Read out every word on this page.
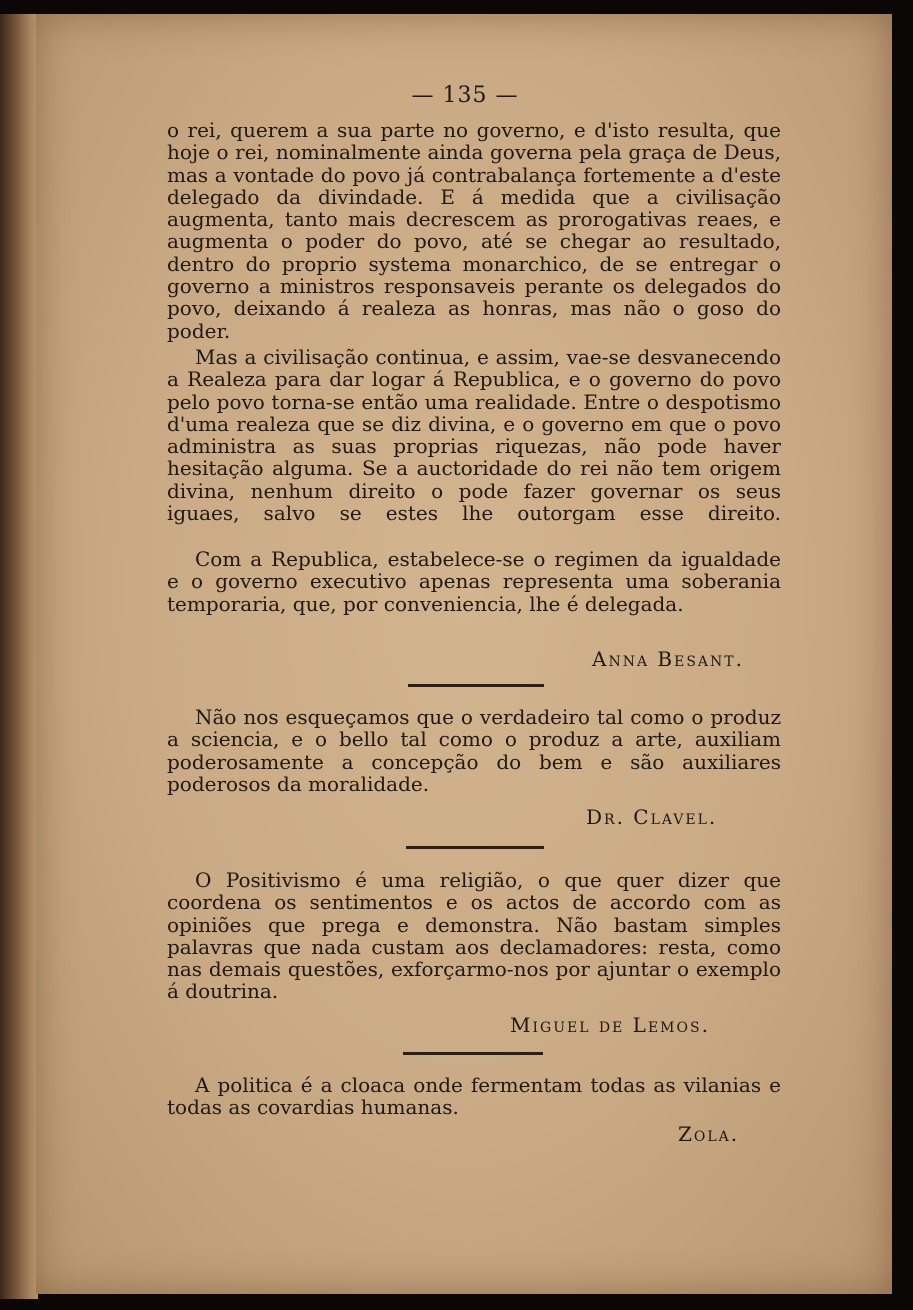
— 135 —
o rei, querem a sua parte no governo, e d'isto resulta, que hoje o rei, nominalmente ainda governa pela graça de Deus, mas a vontade do povo já contrabalança fortemente a d'este delegado da divindade. E á medida que a civilisação augmenta, tanto mais decrescem as prorogativas reaes, e augmenta o poder do povo, até se chegar ao resultado, dentro do proprio systema monarchico, de se entregar o governo a ministros responsaveis perante os delegados do povo, deixando á realeza as honras, mas não o goso do poder.
Mas a civilisação continua, e assim, vae-se desvanecendo a Realeza para dar logar á Republica, e o governo do povo pelo povo torna-se então uma realidade. Entre o despotismo d'uma realeza que se diz divina, e o governo em que o povo administra as suas proprias riquezas, não pode haver hesitação alguma. Se a auctoridade do rei não tem origem divina, nenhum direito o pode fazer governar os seus iguaes, salvo se estes lhe outorgam esse direito.
Com a Republica, estabelece-se o regimen da igualdade e o governo executivo apenas representa uma soberania temporaria, que, por conveniencia, lhe é delegada.
Anna Besant.
Não nos esqueçamos que o verdadeiro tal como o produz a sciencia, e o bello tal como o produz a arte, auxiliam poderosamente a concepção do bem e são auxiliares poderosos da moralidade.
Dr. Clavel.
O Positivismo é uma religião, o que quer dizer que coordena os sentimentos e os actos de accordo com as opiniões que prega e demonstra. Não bastam simples palavras que nada custam aos declamadores: resta, como nas demais questões, exforçarmo-nos por ajuntar o exemplo á doutrina.
Miguel de Lemos.
A politica é a cloaca onde fermentam todas as vilanias e todas as covardias humanas.
Zola.
